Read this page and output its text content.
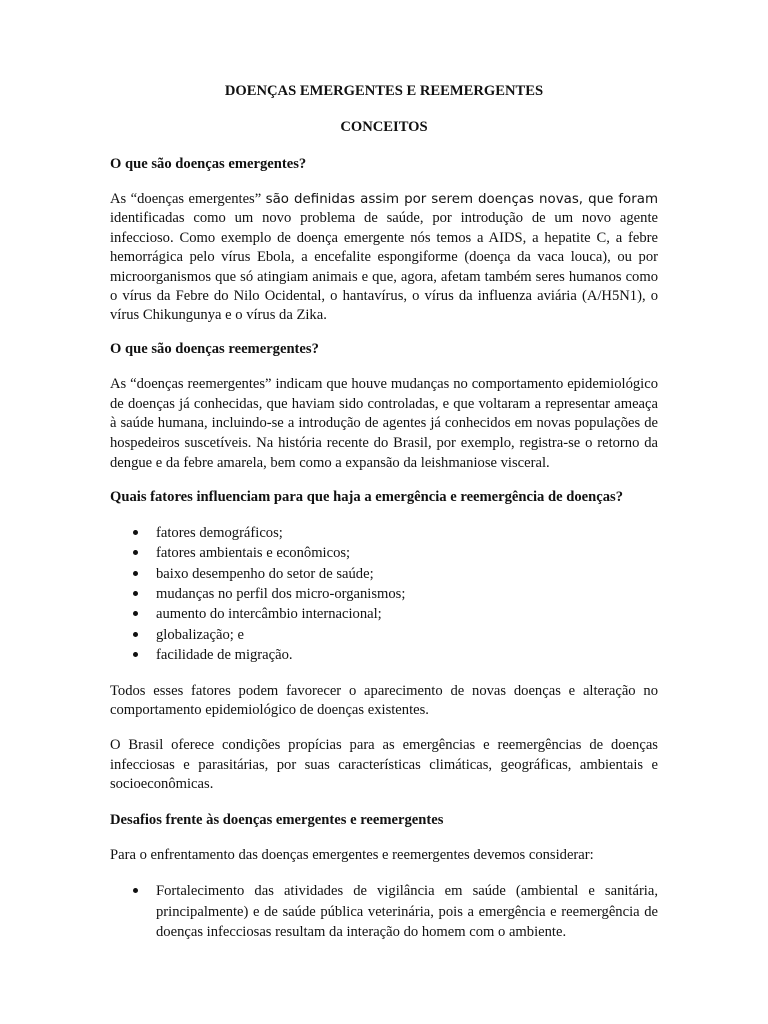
DOENÇAS EMERGENTES E REEMERGENTES
CONCEITOS
O que são doenças emergentes?

As “doenças emergentes” são definidas assim por serem doenças novas, que foram identificadas como um novo problema de saúde, por introdução de um novo agente infeccioso. Como exemplo de doença emergente nós temos a AIDS, a hepatite C, a febre hemorrágica pelo vírus Ebola, a encefalite espongiforme (doença da vaca louca), ou por microorganismos que só atingiam animais e que, agora, afetam também seres humanos como o vírus da Febre do Nilo Ocidental, o hantavírus, o vírus da influenza aviária (A/H5N1), o vírus Chikungunya e o vírus da Zika.

O que são doenças reemergentes?

As “doenças reemergentes” indicam que houve mudanças no comportamento epidemiológico de doenças já conhecidas, que haviam sido controladas, e que voltaram a representar ameaça à saúde humana, incluindo-se a introdução de agentes já conhecidos em novas populações de hospedeiros suscetíveis. Na história recente do Brasil, por exemplo, registra-se o retorno da dengue e da febre amarela, bem como a expansão da leishmaniose visceral.

Quais fatores influenciam para que haja a emergência e reemergência de doenças?
fatores demográficos;
fatores ambientais e econômicos;
baixo desempenho do setor de saúde;
mudanças no perfil dos micro-organismos;
aumento do intercâmbio internacional;
globalização; e
facilidade de migração.

Todos esses fatores podem favorecer o aparecimento de novas doenças e alteração no comportamento epidemiológico de doenças existentes.

O Brasil oferece condições propícias para as emergências e reemergências de doenças infecciosas e parasitárias, por suas características climáticas, geográficas, ambientais e socioeconômicas.

Desafios frente às doenças emergentes e reemergentes

Para o enfrentamento das doenças emergentes e reemergentes devemos considerar:

Fortalecimento das atividades de vigilância em saúde (ambiental e sanitária, principalmente) e de saúde pública veterinária, pois a emergência e reemergência de doenças infecciosas resultam da interação do homem com o ambiente.
